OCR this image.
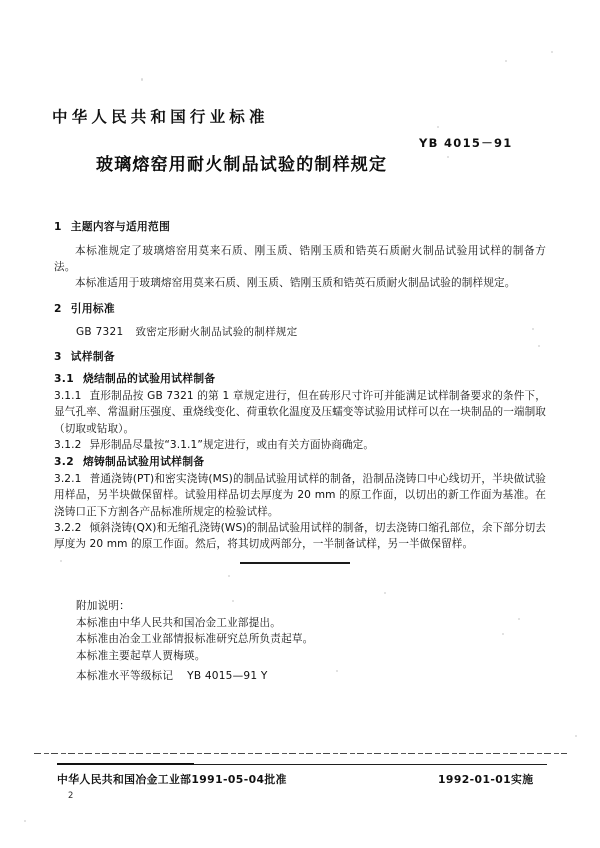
中华人民共和国行业标准
YB 4015－91
玻璃熔窑用耐火制品试验的制样规定
1 主题内容与适用范围
本标准规定了玻璃熔窑用莫来石质、刚玉质、锆刚玉质和锆英石质耐火制品试验用试样的制备方法。
本标准适用于玻璃熔窑用莫来石质、刚玉质、锆刚玉质和锆英石质耐火制品试验的制样规定。
2 引用标准
GB 7321 致密定形耐火制品试验的制样规定
3 试样制备
3.1 烧结制品的试验用试样制备
3.1.1 直形制品按 GB 7321 的第 1 章规定进行，但在砖形尺寸许可并能满足试样制备要求的条件下，显气孔率、常温耐压强度、重烧线变化、荷重软化温度及压蠕变等试验用试样可以在一块制品的一端制取（切取或钻取）。
3.1.2 异形制品尽量按“3.1.1”规定进行，或由有关方面协商确定。
3.2 熔铸制品试验用试样制备
3.2.1 普通浇铸(PT)和密实浇铸(MS)的制品试验用试样的制备，沿制品浇铸口中心线切开，半块做试验用样品，另半块做保留样。试验用样品切去厚度为 20 mm 的原工作面，以切出的新工作面为基准。在浇铸口正下方割各产品标准所规定的检验试样。
3.2.2 倾斜浇铸(QX)和无缩孔浇铸(WS)的制品试验用试样的制备，切去浇铸口缩孔部位，余下部分切去厚度为 20 mm 的原工作面。然后，将其切成两部分，一半制备试样，另一半做保留样。
附加说明：
本标准由中华人民共和国冶金工业部提出。
本标准由冶金工业部情报标准研究总所负责起草。
本标准主要起草人贾梅瑛。
本标准水平等级标记 YB 4015—91 Y
中华人民共和国冶金工业部1991-05-04批准	1992-01-01实施
2
